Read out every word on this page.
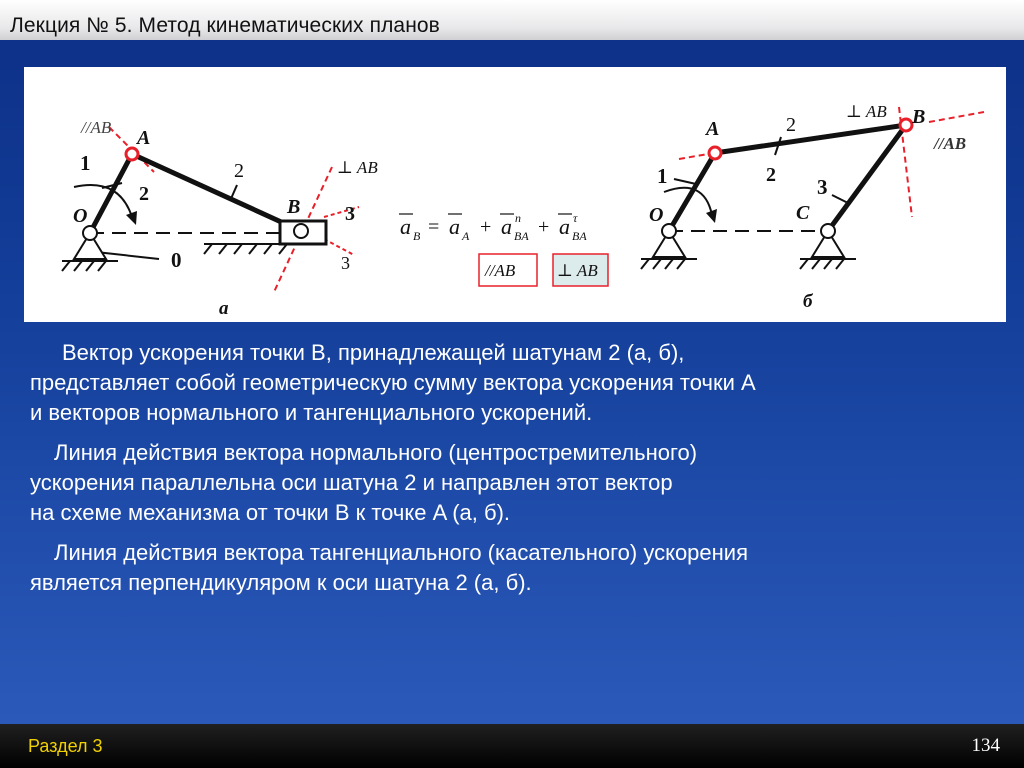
Лекция № 5. Метод кинематических планов
//AB A
1
2
2
O
⊥ AB
B 3
3
0
а
a B = a A + a n
BA + a τ
BA
//AB ⊥ AB
A	2
2
⊥ AB B
//AB
1	3
O	C
б

Вектор ускорения точки B, принадлежащей шатунам 2 (а, б),
представляет собой геометрическую сумму вектора ускорения точки A
и векторов нормального и тангенциального ускорений.

Линия действия вектора нормального (центростремительного)
ускорения параллельна оси шатуна 2 и направлен этот вектор
на схеме механизма от точки B к точке A (а, б).

Линия действия вектора тангенциального (касательного) ускорения
является перпендикуляром к оси шатуна 2 (а, б).

Раздел 3	134
